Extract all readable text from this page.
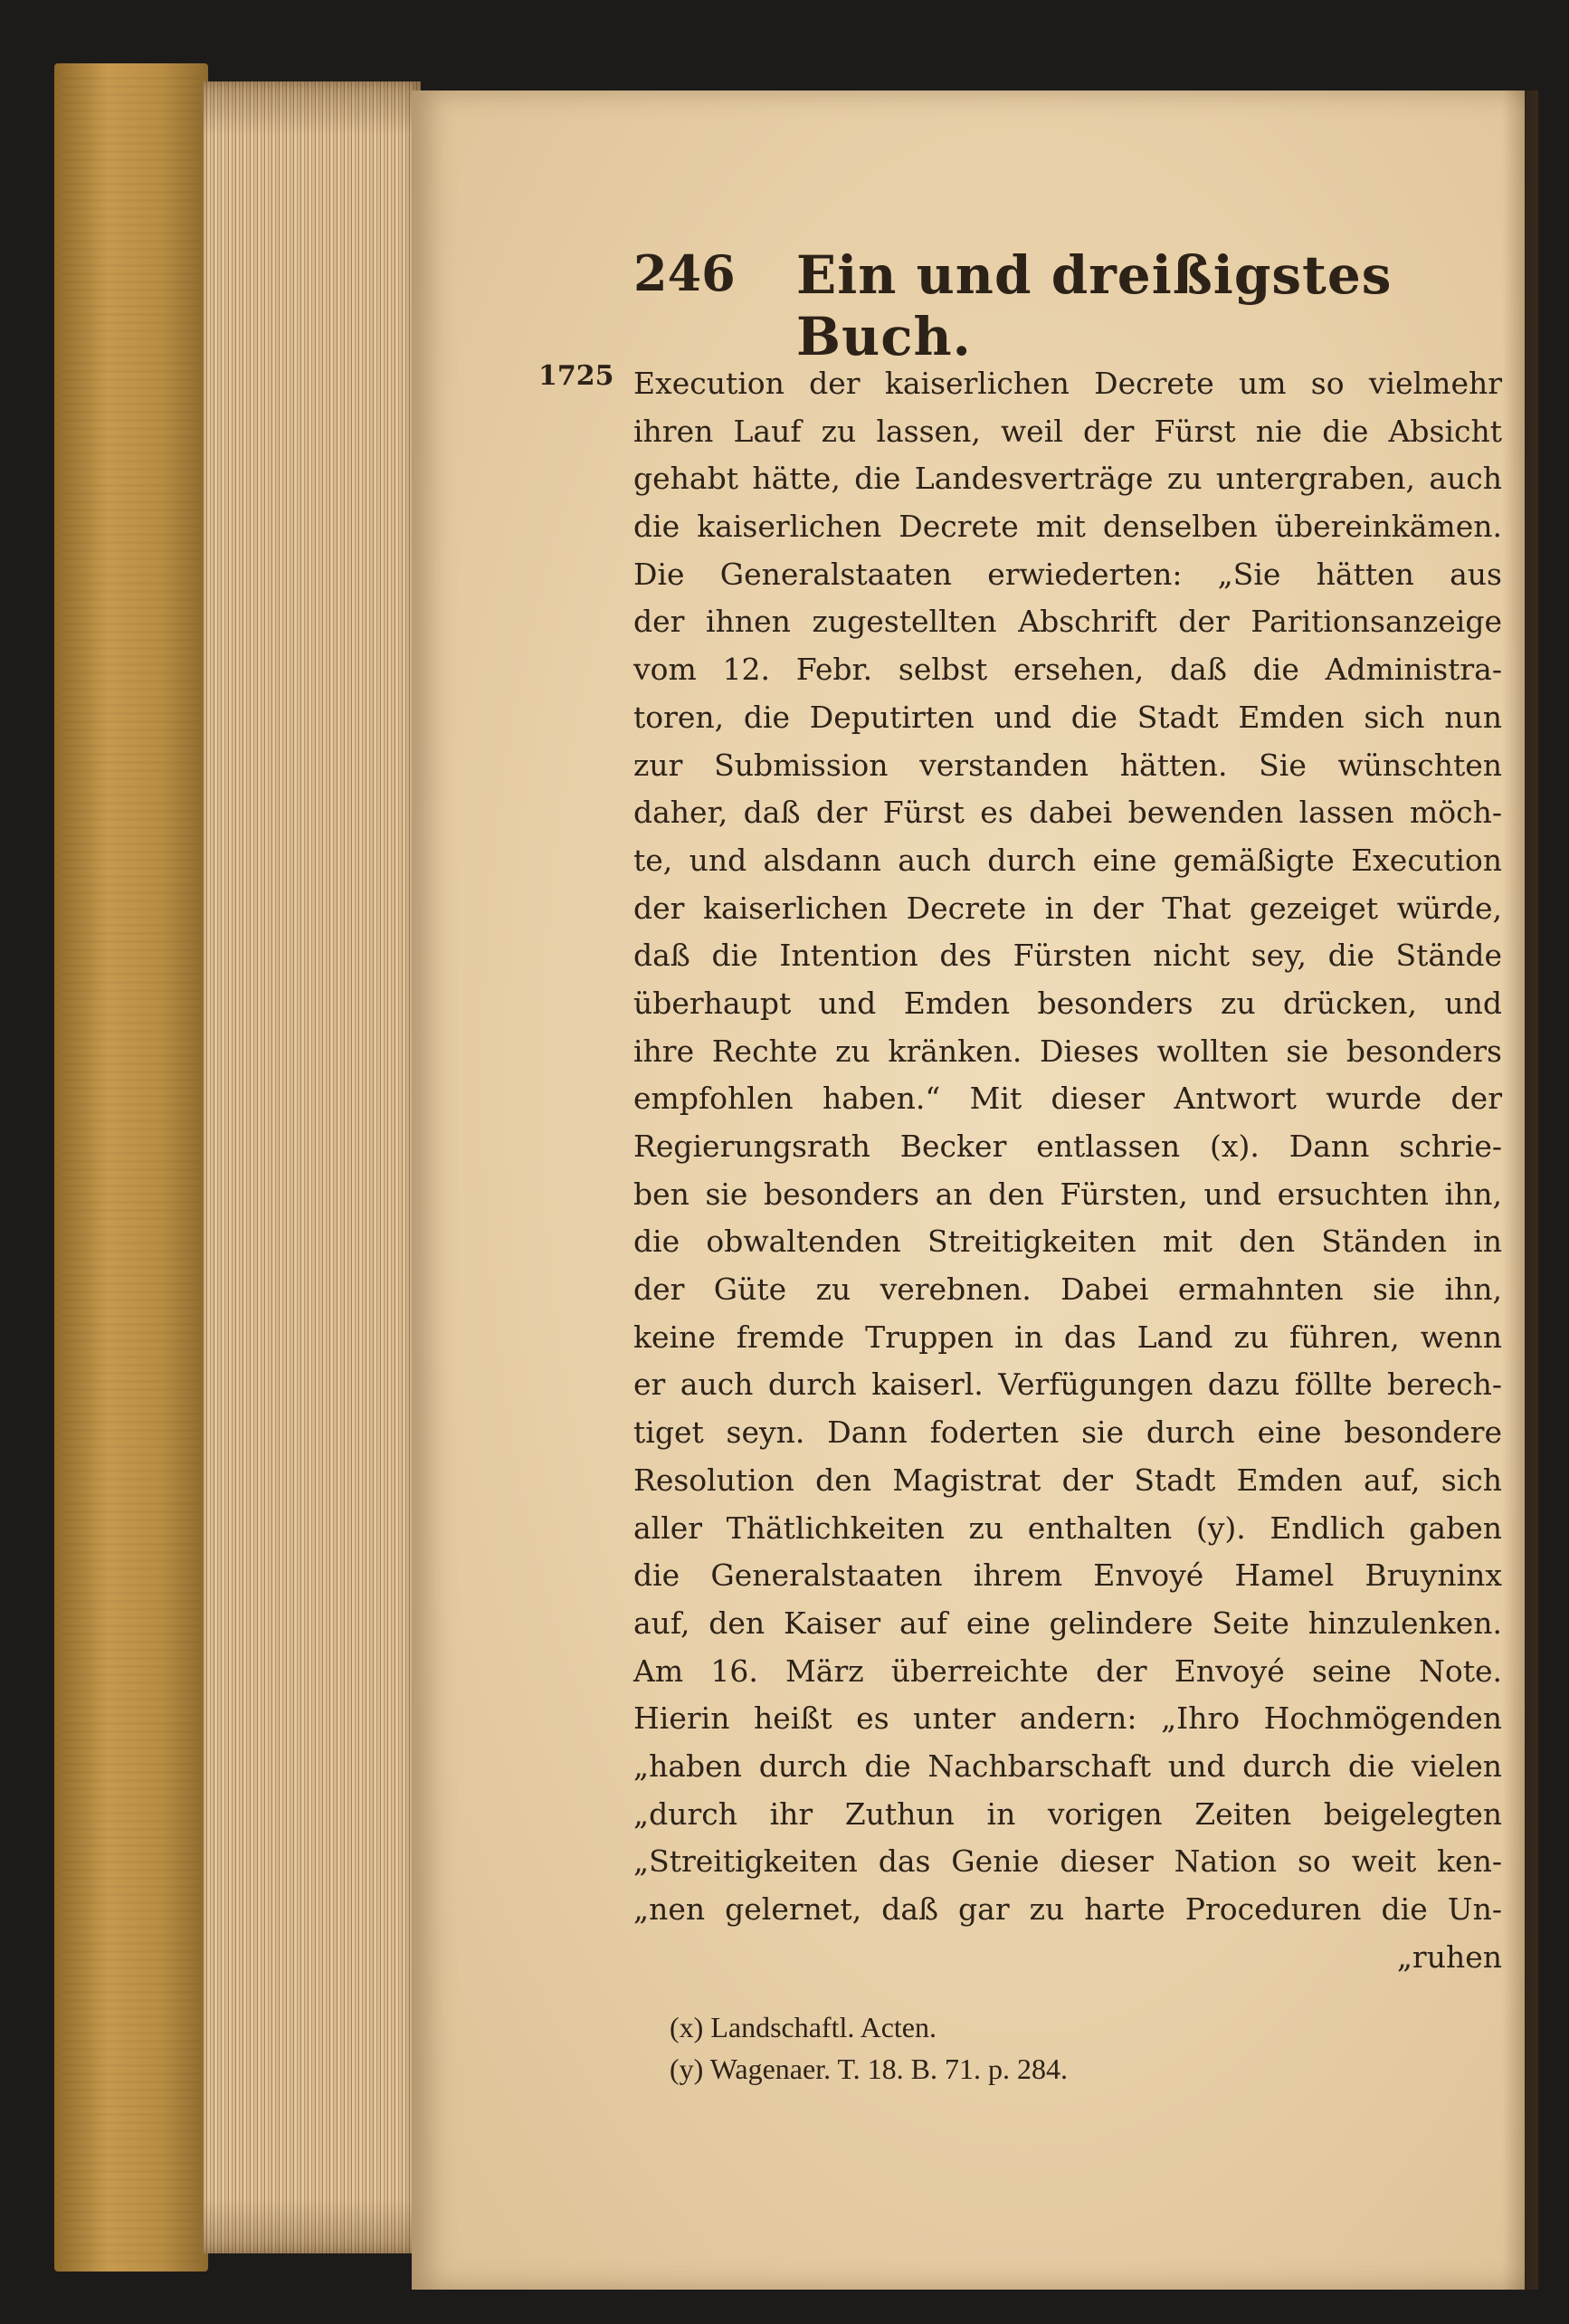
246 Ein und dreißigstes Buch.
1725 Execution der kaiserlichen Decrete um so vielmehr
ihren Lauf zu lassen, weil der Fürst nie die Absicht
gehabt hätte, die Landesverträge zu untergraben, auch
die kaiserlichen Decrete mit denselben übereinkämen.
Die Generalstaaten erwiederten: „Sie hätten aus
der ihnen zugestellten Abschrift der Paritionsanzeige
vom 12. Febr. selbst ersehen, daß die Administra-
toren, die Deputirten und die Stadt Emden sich nun
zur Submission verstanden hätten. Sie wünschten
daher, daß der Fürst es dabei bewenden lassen möch-
te, und alsdann auch durch eine gemäßigte Execution
der kaiserlichen Decrete in der That gezeiget würde,
daß die Intention des Fürsten nicht sey, die Stände
überhaupt und Emden besonders zu drücken, und
ihre Rechte zu kränken. Dieses wollten sie besonders
empfohlen haben.“ Mit dieser Antwort wurde der
Regierungsrath Becker entlassen (x). Dann schrie-
ben sie besonders an den Fürsten, und ersuchten ihn,
die obwaltenden Streitigkeiten mit den Ständen in
der Güte zu verebnen. Dabei ermahnten sie ihn,
keine fremde Truppen in das Land zu führen, wenn
er auch durch kaiserl. Verfügungen dazu föllte berech-
tiget seyn. Dann foderten sie durch eine besondere
Resolution den Magistrat der Stadt Emden auf, sich
aller Thätlichkeiten zu enthalten (y). Endlich gaben
die Generalstaaten ihrem Envoyé Hamel Bruyninx
auf, den Kaiser auf eine gelindere Seite hinzulenken.
Am 16. März überreichte der Envoyé seine Note.
Hierin heißt es unter andern: „Ihro Hochmögenden
„haben durch die Nachbarschaft und durch die vielen
„durch ihr Zuthun in vorigen Zeiten beigelegten
„Streitigkeiten das Genie dieser Nation so weit ken-
„nen gelernet, daß gar zu harte Proceduren die Un-
„ruhen
(x) Landschaftl. Acten.
(y) Wagenaer. T. 18. B. 71. p. 284.
